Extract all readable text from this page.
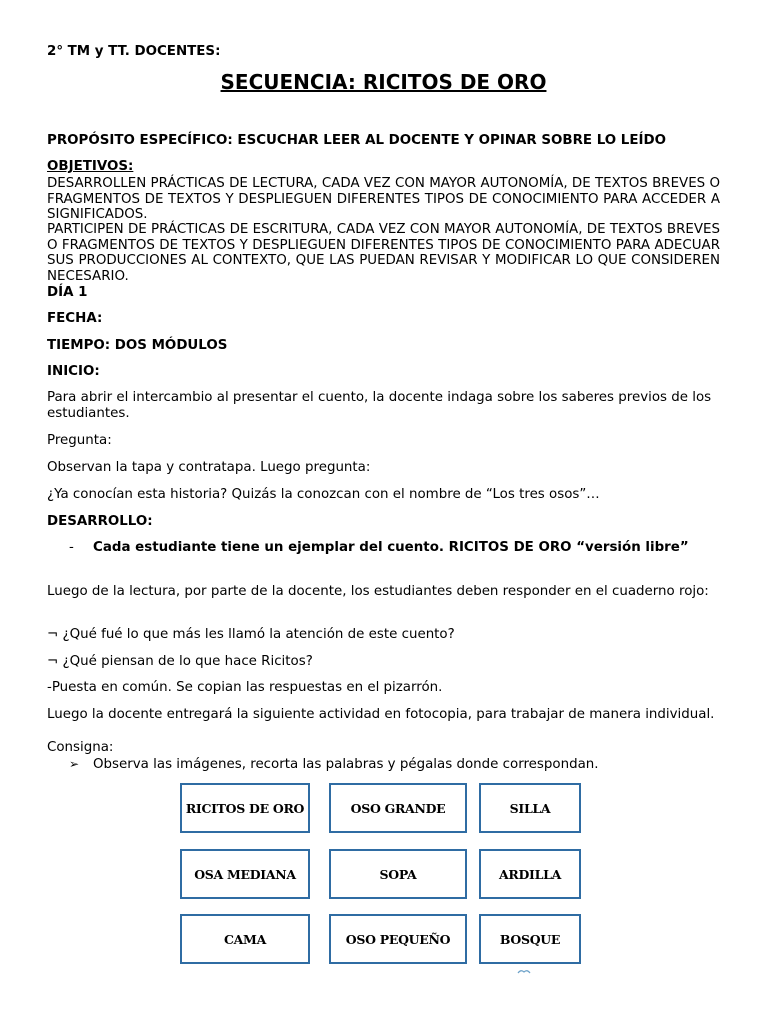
2° TM y TT. DOCENTES:
SECUENCIA: RICITOS DE ORO
PROPÓSITO ESPECÍFICO: ESCUCHAR LEER AL DOCENTE Y OPINAR SOBRE LO LEÍDO
OBJETIVOS:
DESARROLLEN PRÁCTICAS DE LECTURA, CADA VEZ CON MAYOR AUTONOMÍA, DE TEXTOS BREVES O FRAGMENTOS DE TEXTOS Y DESPLIEGUEN DIFERENTES TIPOS DE CONOCIMIENTO PARA ACCEDER A SIGNIFICADOS.
PARTICIPEN DE PRÁCTICAS DE ESCRITURA, CADA VEZ CON MAYOR AUTONOMÍA, DE TEXTOS BREVES O FRAGMENTOS DE TEXTOS Y DESPLIEGUEN DIFERENTES TIPOS DE CONOCIMIENTO PARA ADECUAR SUS PRODUCCIONES AL CONTEXTO, QUE LAS PUEDAN REVISAR Y MODIFICAR LO QUE CONSIDEREN NECESARIO.
DÍA 1
FECHA:
TIEMPO: DOS MÓDULOS
INICIO:
Para abrir el intercambio al presentar el cuento, la docente indaga sobre los saberes previos de los estudiantes.
Pregunta:
Observan la tapa y contratapa. Luego pregunta:
¿Ya conocían esta historia? Quizás la conozcan con el nombre de “Los tres osos”…
DESARROLLO:
- Cada estudiante tiene un ejemplar del cuento. RICITOS DE ORO “versión libre”
Luego de la lectura, por parte de la docente, los estudiantes deben responder en el cuaderno rojo:
¬ ¿Qué fué lo que más les llamó la atención de este cuento?
¬ ¿Qué piensan de lo que hace Ricitos?
-Puesta en común. Se copian las respuestas en el pizarrón.
Luego la docente entregará la siguiente actividad en fotocopia, para trabajar de manera individual.
Consigna:
➢ Observa las imágenes, recorta las palabras y pégalas donde correspondan.
RICITOS DE ORO	OSO GRANDE	SILLA
OSA MEDIANA	SOPA	ARDILLA
CAMA	OSO PEQUEÑO	BOSQUE
